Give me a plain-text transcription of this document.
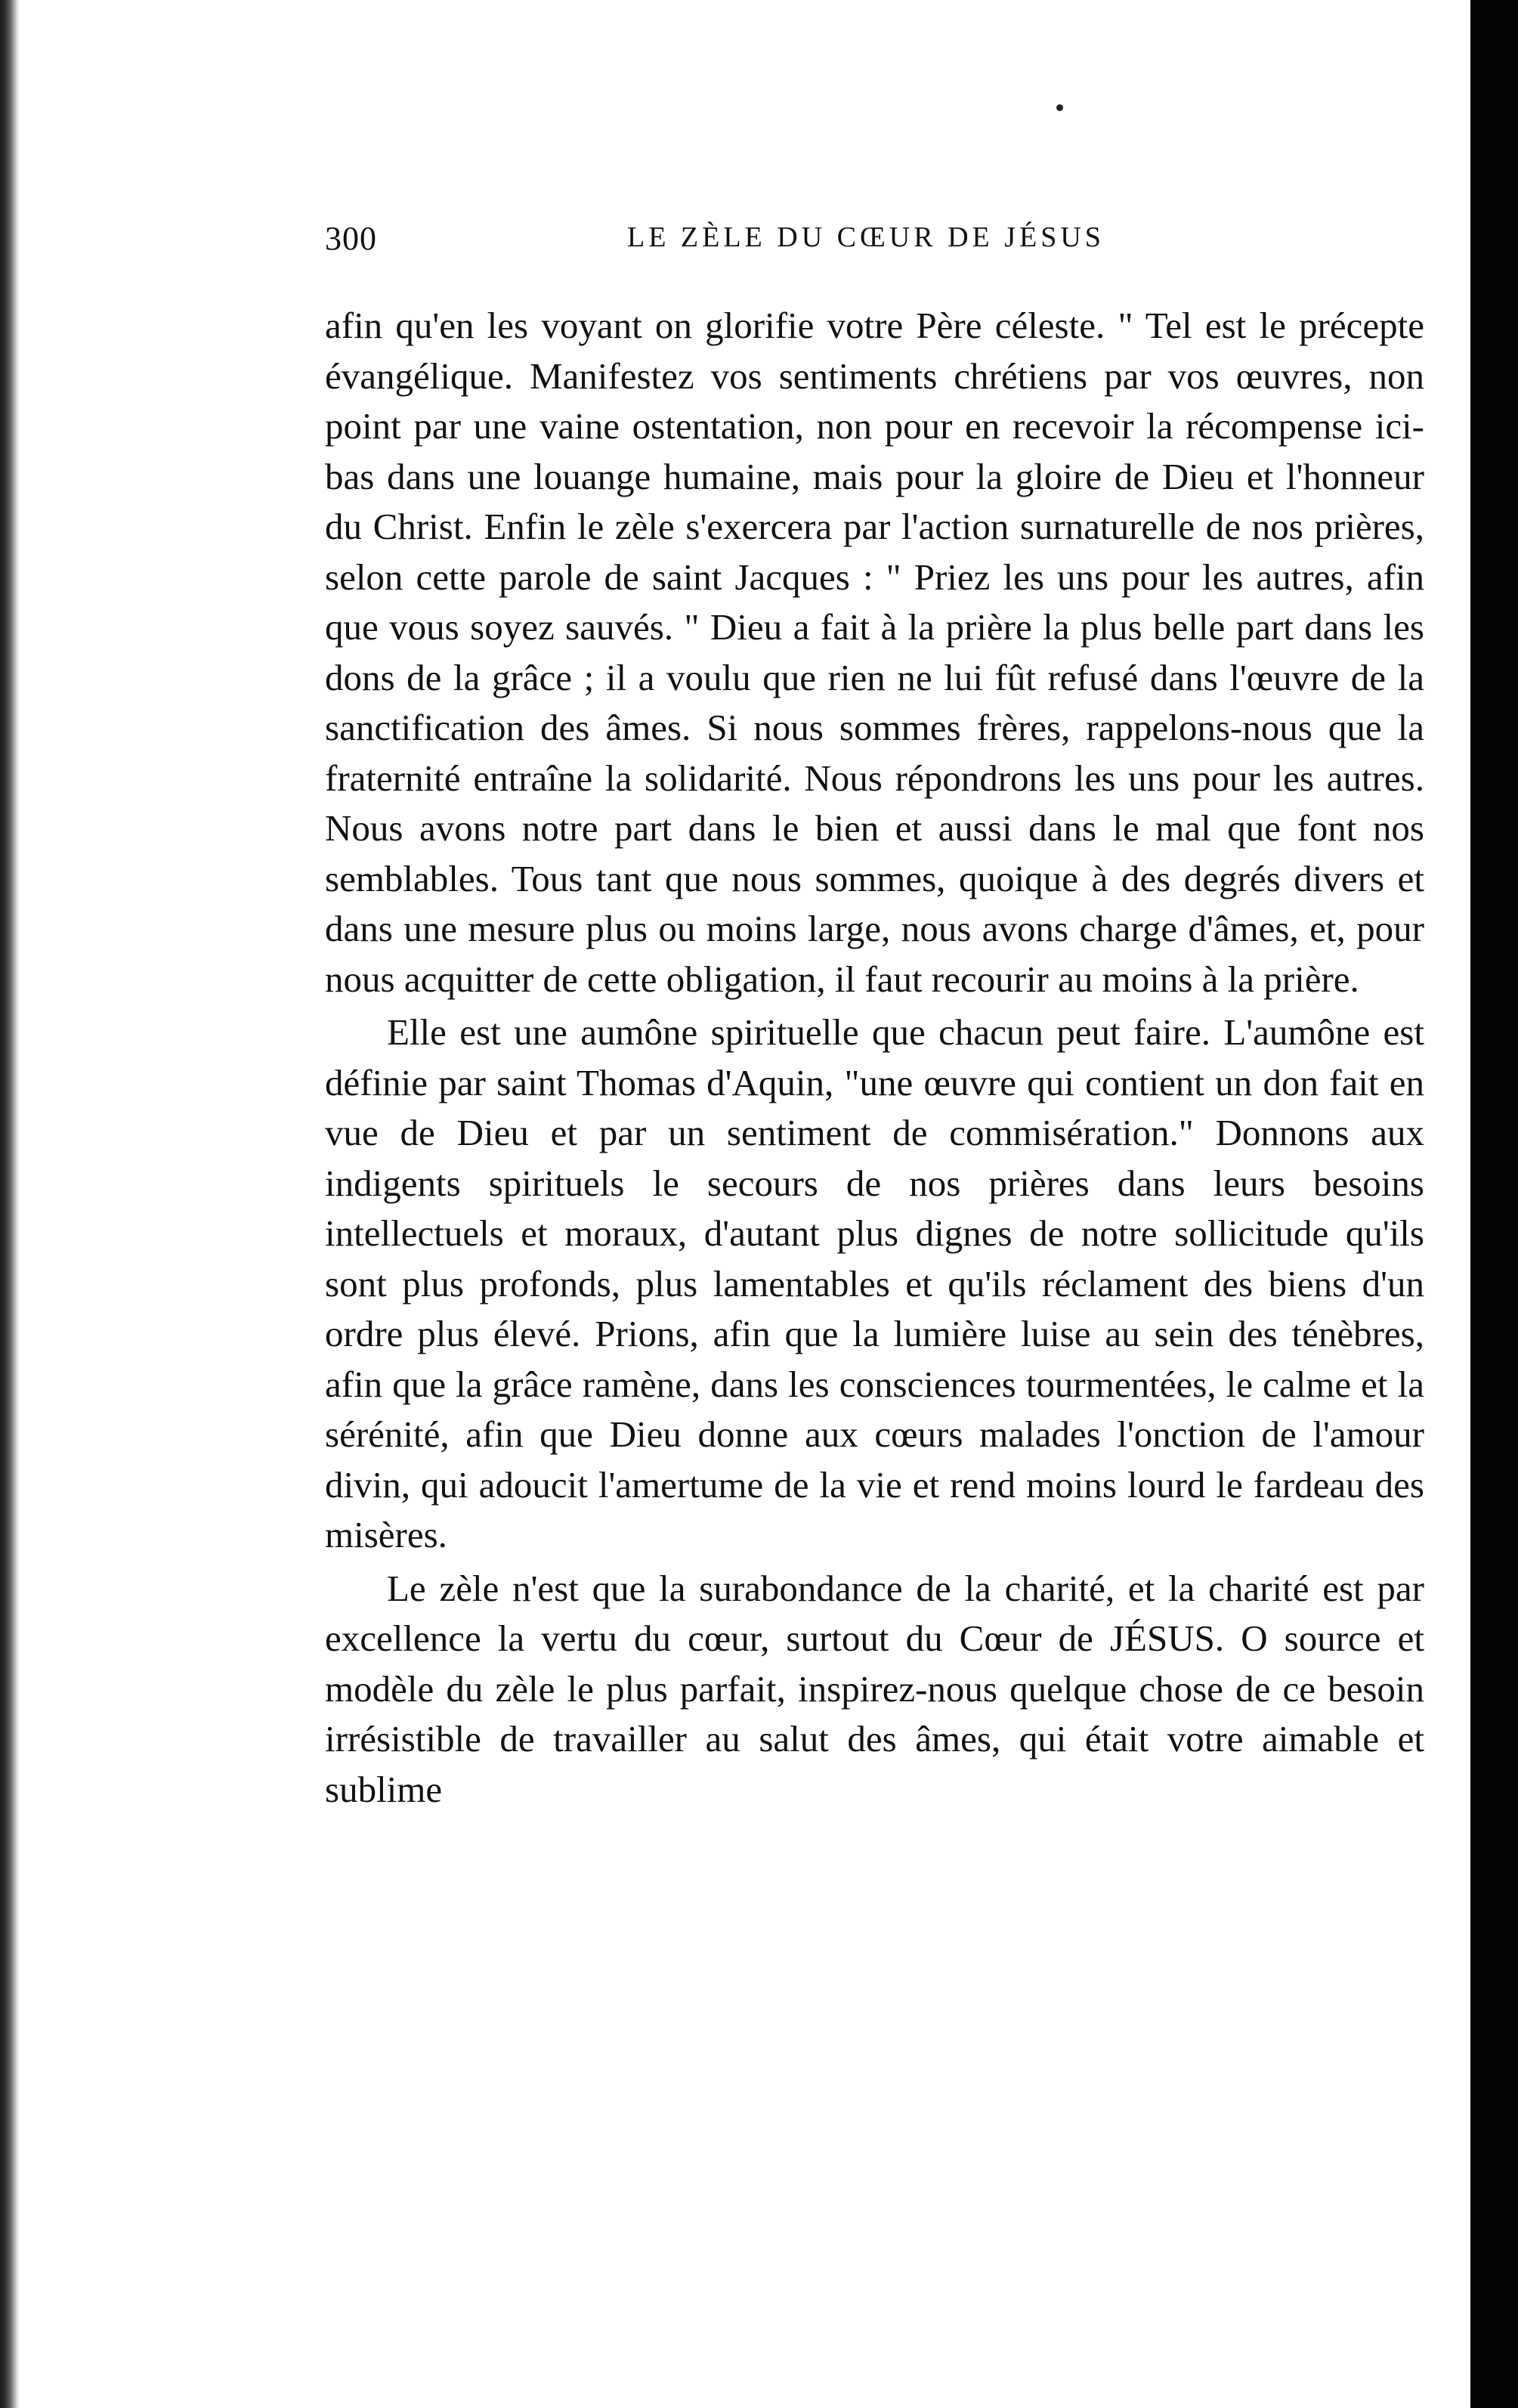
300	LE ZÈLE DU CŒUR DE JÉSUS

afin qu'en les voyant on glorifie votre Père céleste. " Tel est le précepte évangélique. Manifestez vos sentiments chrétiens par vos œuvres, non point par une vaine ostentation, non pour en recevoir la récompense ici-bas dans une louange humaine, mais pour la gloire de Dieu et l'honneur du Christ. Enfin le zèle s'exercera par l'action surnaturelle de nos prières, selon cette parole de saint Jacques : " Priez les uns pour les autres, afin que vous soyez sauvés. " Dieu a fait à la prière la plus belle part dans les dons de la grâce ; il a voulu que rien ne lui fût refusé dans l'œuvre de la sanctification des âmes. Si nous sommes frères, rappelons-nous que la fraternité entraîne la solidarité. Nous répondrons les uns pour les autres. Nous avons notre part dans le bien et aussi dans le mal que font nos semblables. Tous tant que nous sommes, quoique à des degrés divers et dans une mesure plus ou moins large, nous avons charge d'âmes, et, pour nous acquitter de cette obligation, il faut recourir au moins à la prière.

Elle est une aumône spirituelle que chacun peut faire. L'aumône est définie par saint Thomas d'Aquin, "une œuvre qui contient un don fait en vue de Dieu et par un sentiment de commisération." Donnons aux indigents spirituels le secours de nos prières dans leurs besoins intellectuels et moraux, d'autant plus dignes de notre sollicitude qu'ils sont plus profonds, plus lamentables et qu'ils réclament des biens d'un ordre plus élevé. Prions, afin que la lumière luise au sein des ténèbres, afin que la grâce ramène, dans les consciences tourmentées, le calme et la sérénité, afin que Dieu donne aux cœurs malades l'onction de l'amour divin, qui adoucit l'amertume de la vie et rend moins lourd le fardeau des misères.

Le zèle n'est que la surabondance de la charité, et la charité est par excellence la vertu du cœur, surtout du Cœur de JÉSUS. O source et modèle du zèle le plus parfait, inspirez-nous quelque chose de ce besoin irrésistible de travailler au salut des âmes, qui était votre aimable et sublime
